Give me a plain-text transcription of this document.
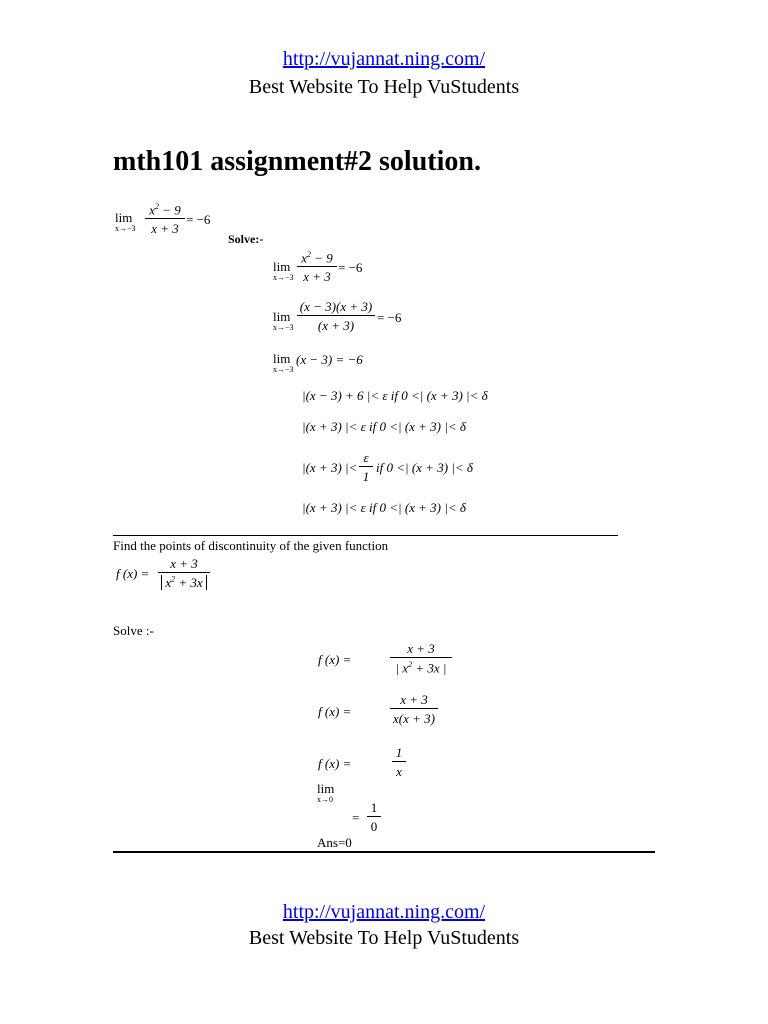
http://vujannat.ning.com/
Best Website To Help VuStudents
mth101 assignment#2 solution.
lim
$x\to-3 \frac{x^2 - 9}{x + 3} = -6$
Solve:-
lim
$x\to-3 \frac{x^2 - 9}{x + 3} = -6$
lim
$x\to-3 \frac{(x - 3)(x + 3)}{(x + 3)} = -6$
lim
x→−3
(x − 3) = −6
|(x − 3) + 6 |< ε if 0 <| (x + 3) |< δ
|(x + 3) |< ε if 0 <| (x + 3) |< δ
|(x + 3) |< $\frac{\varepsilon}{1}$ if 0 <| (x + 3) |< δ
|(x + 3) |< ε if 0 <| (x + 3) |< δ
Find the points of discontinuity of the given function
f $(x) = \frac{x + 3}{x^2 + 3x}$
Solve :-
f (x) =	$\frac{x + 3}{| x^2 + 3x |}$
f (x) =	$\frac{x + 3}{x(x + 3)}$
f (x) =	$\frac{1}{x}$
lim
x→0
= $\frac{1}{0}$
Ans=0
http://vujannat.ning.com/
Best Website To Help VuStudents
